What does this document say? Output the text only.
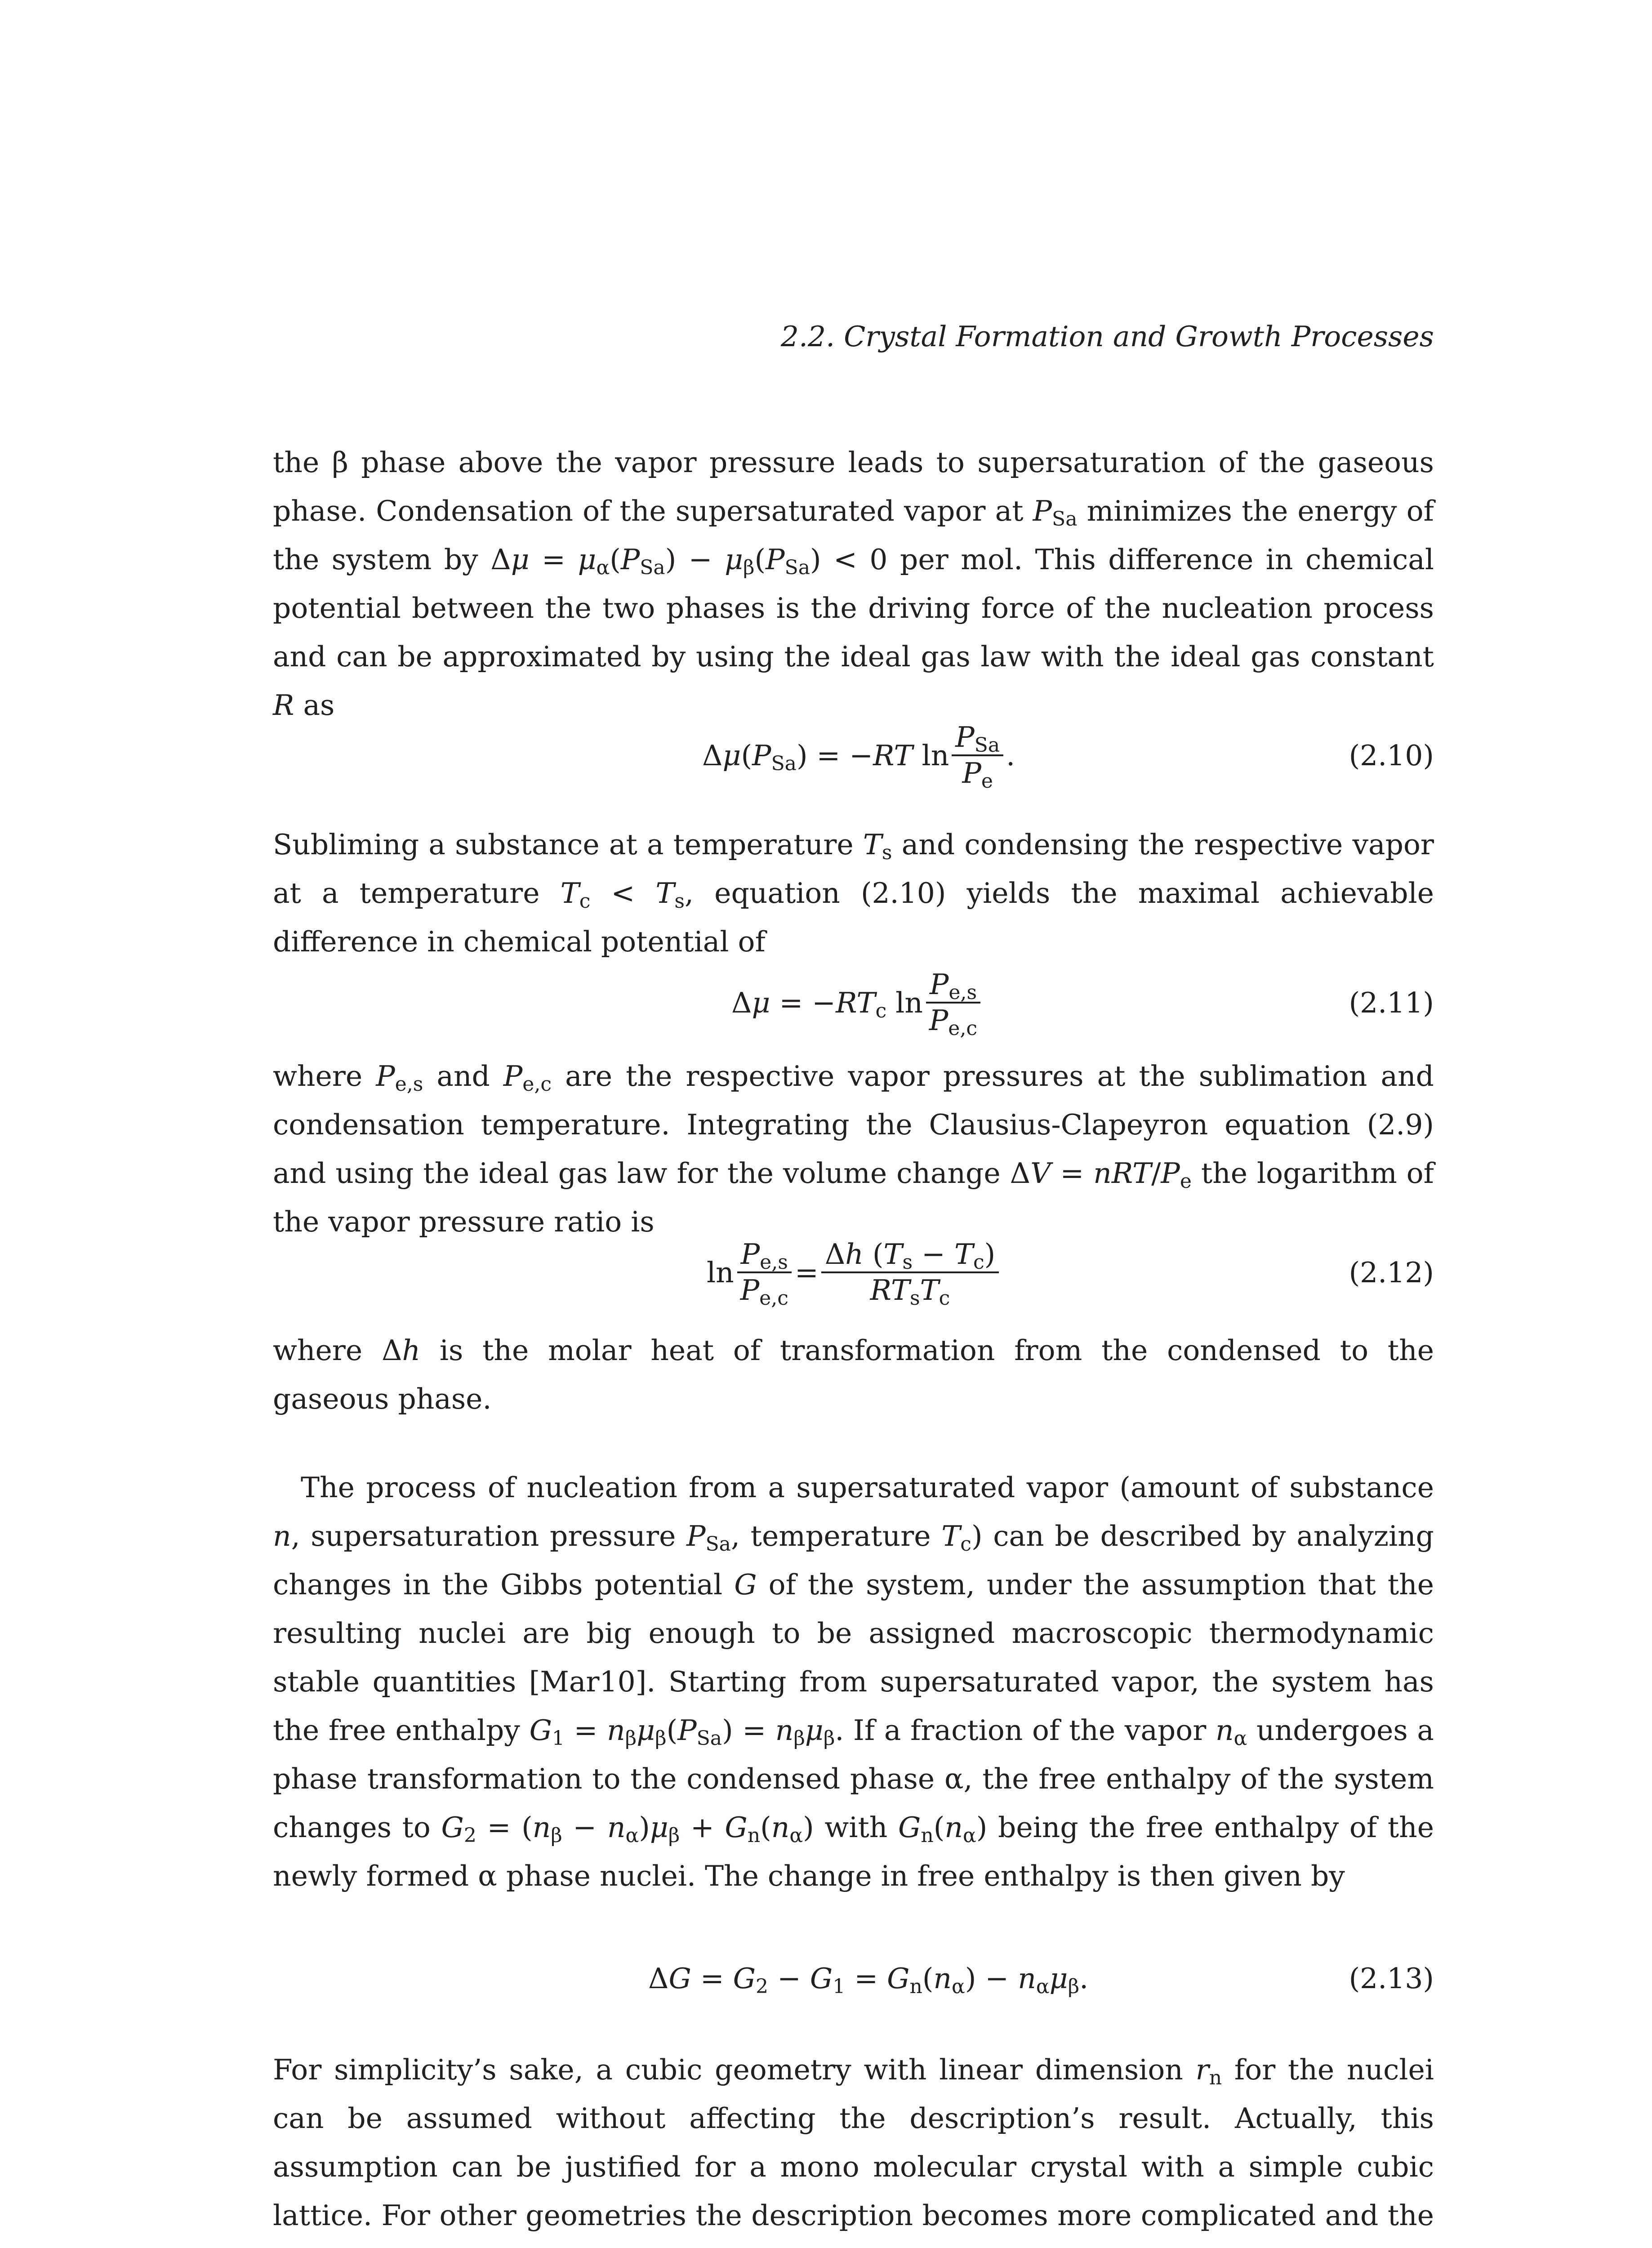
2.2. Crystal Formation and Growth Processes

the β phase above the vapor pressure leads to supersaturation of the gaseous phase. Condensation of the supersaturated vapor at $P_{Sa}$ minimizes the energy of the system by $\Delta\mu = \mu_\alpha(P_{Sa}) - \mu_\beta(P_{Sa}) < 0$ per mol. This difference in chemical potential between the two phases is the driving force of the nucleation process and can be approximated by using the ideal gas law with the ideal gas constant R as

$\Delta\mu(P_{Sa}) = -RT$ $\ln \frac{P_{Sa}}{P_e}$ .	(2.10)

Subliming a substance at a temperature $T_s$ and condensing the respective vapor at a temperature $T_c < T_s$, equation (2.10) yields the maximal achievable difference in chemical potential of

$\Delta\mu = -RT_c$ $\ln \frac{P_{e,s}}{P_{e,c}}$	(2.11)

where $P_{e,s}$ and $P_{e,c}$ are the respective vapor pressures at the sublimation and condensation temperature. Integrating the Clausius-Clapeyron equation (2.9) and using the ideal gas law for the volume change ΔV = nRT/$P_e$ the logarithm of the vapor pressure ratio is

$\ln \frac{P_{e,s}}{P_{e,c}} = \frac{\Delta h (T_s - T_c)}{RT_sT_c}$	(2.12)

where Δh is the molar heat of transformation from the condensed to the gaseous phase.

The process of nucleation from a supersaturated vapor (amount of substance n, supersaturation pressure $P_{Sa}$, temperature $T_c$) can be described by analyzing changes in the Gibbs potential G of the system, under the assumption that the resulting nuclei are big enough to be assigned macroscopic thermodynamic stable quantities [Mar10]. Starting from supersaturated vapor, the system has the free enthalpy $G_1 = n_\beta\mu_\beta(P_{Sa}) = n_\beta\mu_\beta$. If a fraction of the vapor $n_\alpha$ undergoes a phase transformation to the condensed phase α, the free enthalpy of the system changes to $G_2 = (n_\beta - n_\alpha)\mu_\beta + G_n(n_\alpha)$ with $G_n(n_\alpha)$ being the free enthalpy of the newly formed α phase nuclei. The change in free enthalpy is then given by

$\Delta G = G_2 - G_1 = G_n(n_\alpha) - n_\alpha\mu_\beta$.	(2.13)

For simplicity’s sake, a cubic geometry with linear dimension $r_n$ for the nuclei can be assumed without affecting the description’s result. Actually, this assumption can be justified for a mono molecular crystal with a simple cubic lattice. For other geometries the description becomes more complicated and the
